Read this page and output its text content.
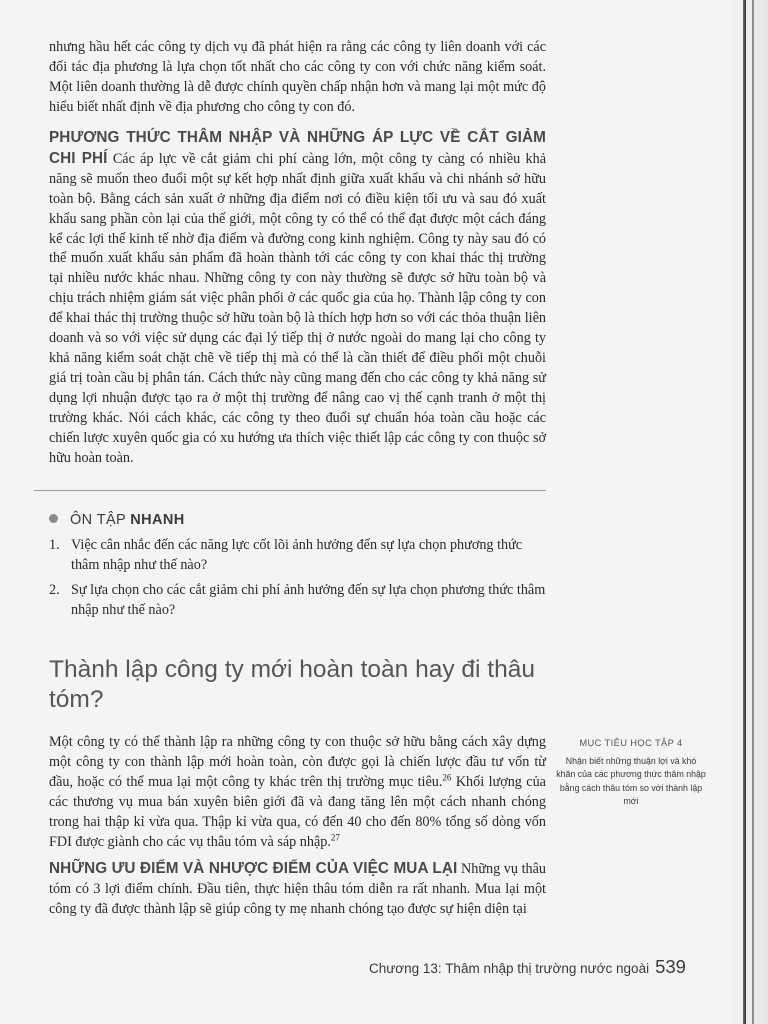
nhưng hầu hết các công ty dịch vụ đã phát hiện ra rằng các công ty liên doanh với các đối tác địa phương là lựa chọn tốt nhất cho các công ty con với chức năng kiểm soát. Một liên doanh thường là dễ được chính quyền chấp nhận hơn và mang lại một mức độ hiểu biết nhất định về địa phương cho công ty con đó.

PHƯƠNG THỨC THÂM NHẬP VÀ NHỮNG ÁP LỰC VỀ CẮT GIẢM CHI PHÍ Các áp lực về cắt giảm chi phí càng lớn, một công ty càng có nhiều khả năng sẽ muốn theo đuổi một sự kết hợp nhất định giữa xuất khẩu và chi nhánh sở hữu toàn bộ. Bằng cách sản xuất ở những địa điểm nơi có điều kiện tối ưu và sau đó xuất khẩu sang phần còn lại của thế giới, một công ty có thể có thể đạt được một cách đáng kể các lợi thế kinh tế nhờ địa điểm và đường cong kinh nghiệm. Công ty này sau đó có thể muốn xuất khẩu sản phẩm đã hoàn thành tới các công ty con khai thác thị trường tại nhiều nước khác nhau. Những công ty con này thường sẽ được sở hữu toàn bộ và chịu trách nhiệm giám sát việc phân phối ở các quốc gia của họ. Thành lập công ty con để khai thác thị trường thuộc sở hữu toàn bộ là thích hợp hơn so với các thỏa thuận liên doanh và so với việc sử dụng các đại lý tiếp thị ở nước ngoài do mang lại cho công ty khả năng kiểm soát chặt chẽ về tiếp thị mà có thể là cần thiết để điều phối một chuỗi giá trị toàn cầu bị phân tán. Cách thức này cũng mang đến cho các công ty khả năng sử dụng lợi nhuận được tạo ra ở một thị trường để nâng cao vị thế cạnh tranh ở một thị trường khác. Nói cách khác, các công ty theo đuổi sự chuẩn hóa toàn cầu hoặc các chiến lược xuyên quốc gia có xu hướng ưa thích việc thiết lập các công ty con thuộc sở hữu hoàn toàn.

ÔN TẬP NHANH
1. Việc cân nhắc đến các năng lực cốt lõi ảnh hưởng đến sự lựa chọn phương thức thâm nhập như thế nào?
2. Sự lựa chọn cho các cắt giảm chi phí ảnh hưởng đến sự lựa chọn phương thức thâm nhập như thế nào?
Thành lập công ty mới hoàn toàn hay đi thâu tóm?

Một công ty có thể thành lập ra những công ty con thuộc sở hữu bằng cách xây dựng một công ty con thành lập mới hoàn toàn, còn được gọi là chiến lược đầu tư vốn từ đầu, hoặc có thể mua lại một công ty khác trên thị trường mục tiêu.$^{26}$ Khối lượng của các thương vụ mua bán xuyên biên giới đã và đang tăng lên một cách nhanh chóng trong hai thập kỉ vừa qua. Thập kỉ vừa qua, có đến 40 cho đến 80% tổng số dòng vốn FDI được giành cho các vụ thâu tóm và sáp nhập.$^{27}$

NHỮNG ƯU ĐIỂM VÀ NHƯỢC ĐIỂM CỦA VIỆC MUA LẠI Những vụ thâu tóm có 3 lợi điểm chính. Đầu tiên, thực hiện thâu tóm diễn ra rất nhanh. Mua lại một công ty đã được thành lập sẽ giúp công ty mẹ nhanh chóng tạo được sự hiện diện tại

MỤC TIÊU HỌC TẬP 4
Nhận biết những thuận lợi và khó khăn của các phương thức thâm nhập bằng cách thâu tóm so với thành lập mới
Chương 13: Thâm nhập thị trường nước ngoài 539
